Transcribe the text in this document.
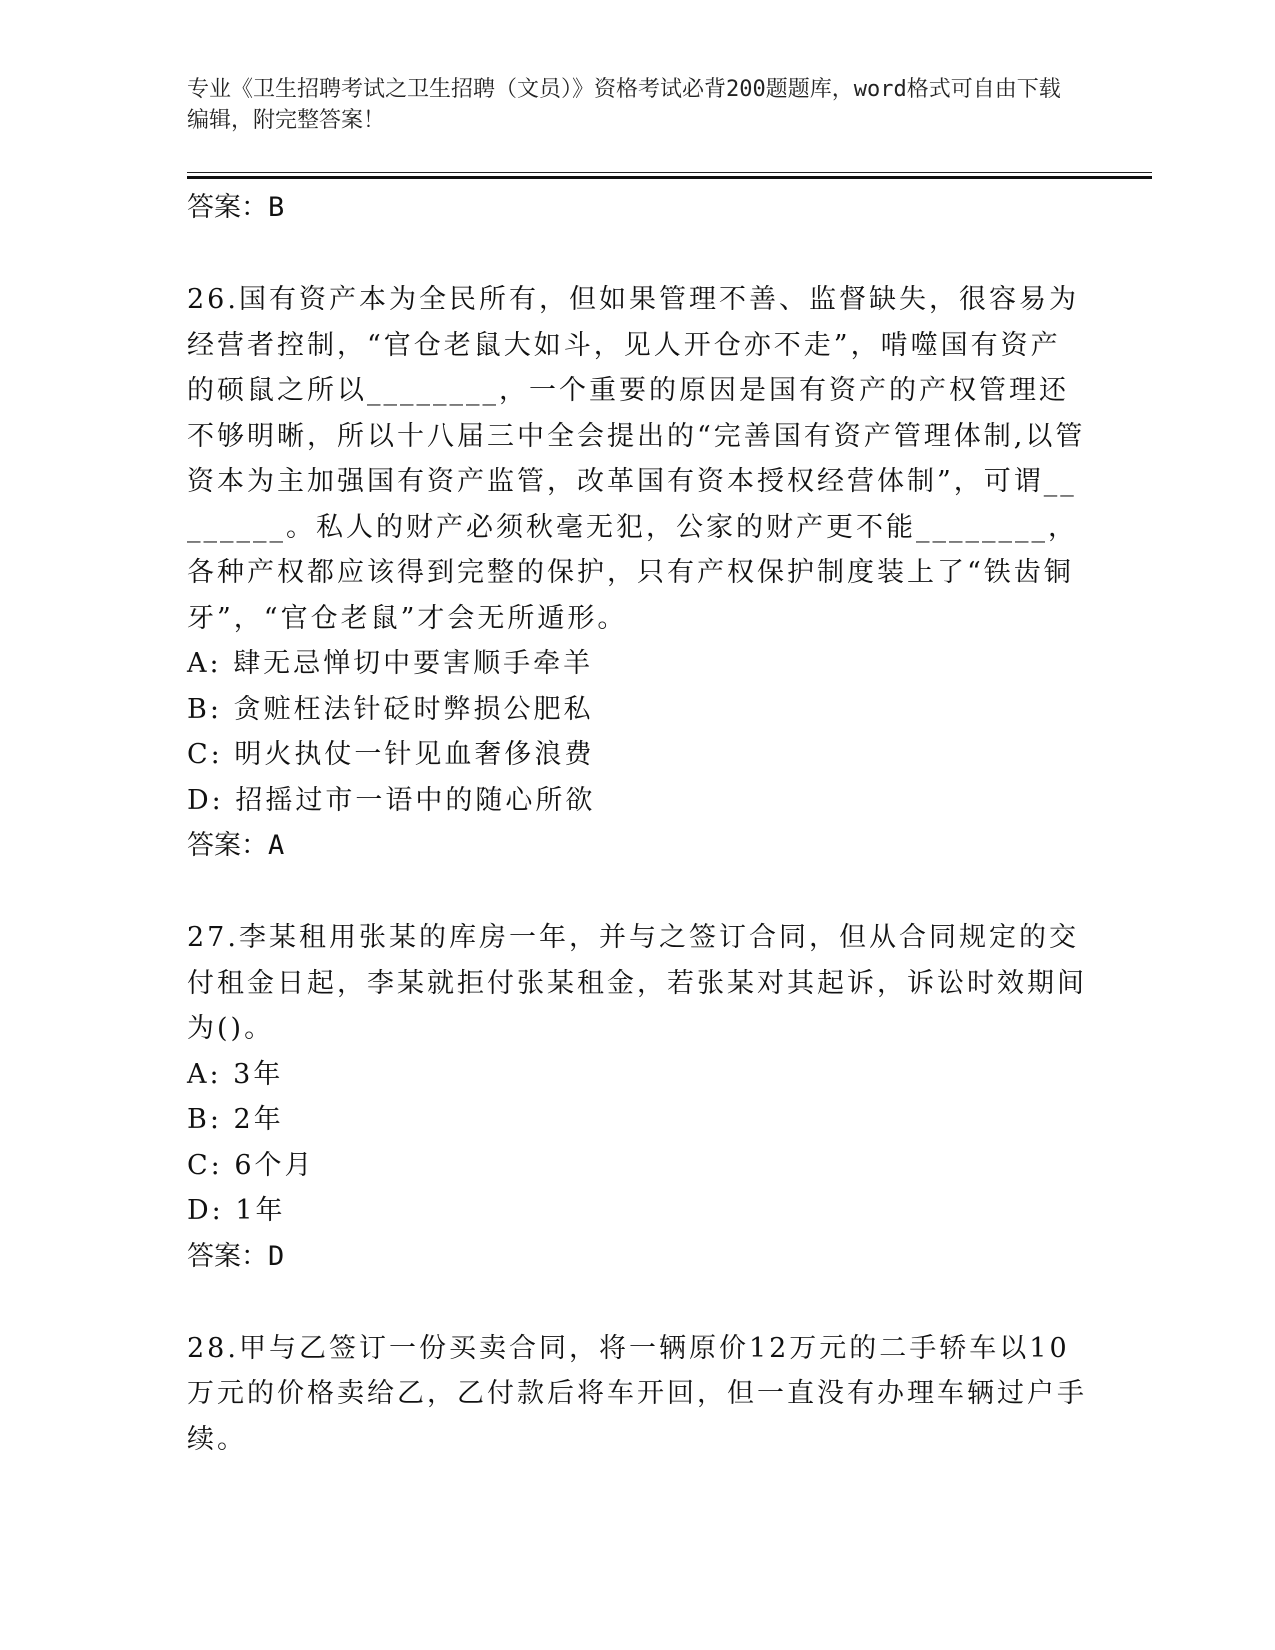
专业《卫生招聘考试之卫生招聘（文员）》资格考试必背200题题库，word格式可自由下载编辑，附完整答案！
答案：B
26.国有资产本为全民所有，但如果管理不善、监督缺失，很容易为经营者控制，“官仓老鼠大如斗，见人开仓亦不走”，啃噬国有资产的硕鼠之所以________，一个重要的原因是国有资产的产权管理还不够明晰，所以十八届三中全会提出的“完善国有资产管理体制,以管资本为主加强国有资产监管，改革国有资本授权经营体制”，可谓________。私人的财产必须秋毫无犯，公家的财产更不能________，各种产权都应该得到完整的保护，只有产权保护制度装上了“铁齿铜牙”，“官仓老鼠”才会无所遁形。
A: 肆无忌惮切中要害顺手牵羊
B: 贪赃枉法针砭时弊损公肥私
C: 明火执仗一针见血奢侈浪费
D: 招摇过市一语中的随心所欲
答案：A
27.李某租用张某的库房一年，并与之签订合同，但从合同规定的交付租金日起，李某就拒付张某租金，若张某对其起诉，诉讼时效期间为()。
A: 3年
B: 2年
C: 6个月
D: 1年
答案：D
28.甲与乙签订一份买卖合同，将一辆原价12万元的二手轿车以10万元的价格卖给乙，乙付款后将车开回，但一直没有办理车辆过户手续。
